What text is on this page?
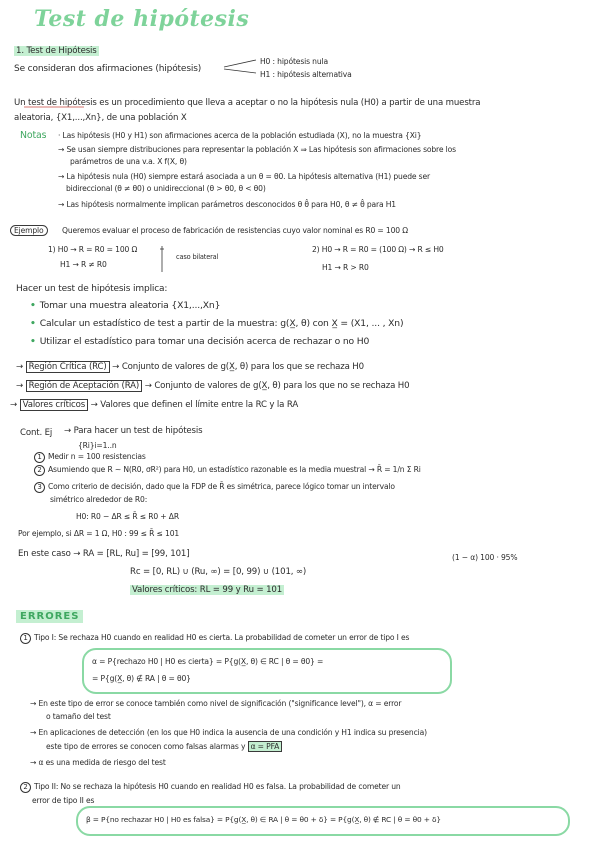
Test de hipótesis
1. Test de Hipótesis
Se consideran dos afirmaciones (hipótesis)
H0 : hipótesis nula
H1 : hipótesis alternativa
Un test de hipótesis es un procedimiento que lleva a aceptar o no la hipótesis nula (H0) a partir de una muestra
aleatoria, {X1,...,Xn}, de una población X
Notas · Las hipótesis (H0 y H1) son afirmaciones acerca de la población estudiada (X), no la muestra {Xi}
→ Se usan siempre distribuciones para representar la población X ⇒ Las hipótesis son afirmaciones sobre los
parámetros de una v.a. X f(X, θ)
→ La hipótesis nula (H0) siempre estará asociada a un θ = θ0. La hipótesis alternativa (H1) puede ser
bidireccional (θ ≠ θ0) o unidireccional (θ > θ0, θ < θ0)
→ Las hipótesis normalmente implican parámetros desconocidos θ θ̂ para H0, θ ≠ θ̂ para H1
Ejemplo	Queremos evaluar el proceso de fabricación de resistencias cuyo valor nominal es R0 = 100 Ω
1) H0 → R = R0 = 100 Ω
H1 → R ≠ R0
caso bilateral
2) H0 → R = R0 = (100 Ω) → R ≤ H0
H1 → R > R0
Hacer un test de hipótesis implica:
• Tomar una muestra aleatoria {X1,...,Xn}
• Calcular un estadístico de test a partir de la muestra: g(X̲, θ) con X̲ = (X1, ... , Xn)
• Utilizar el estadístico para tomar una decisión acerca de rechazar o no H0
→ Región Crítica (RC) → Conjunto de valores de g(X̲, θ) para los que se rechaza H0
→ Región de Aceptación (RA) → Conjunto de valores de g(X̲, θ) para los que no se rechaza H0
→ Valores críticos → Valores que definen el límite entre la RC y la RA
Cont. Ej → Para hacer un test de hipótesis
{Ri}i=1..n
1 Medir n = 100 resistencias
2 Asumiendo que R ~ N(R0, σR²) para H0, un estadístico razonable es la media muestral → R̄ = 1/n Σ Ri
3 Como criterio de decisión, dado que la FDP de R̄ es simétrica, parece lógico tomar un intervalo
simétrico alrededor de R0:
H0: R0 − ΔR ≤ R̄ ≤ R0 + ΔR
Por ejemplo, si ΔR = 1 Ω, H0 : 99 ≤ R̄ ≤ 101
En este caso → RA = [RL, Ru] = [99, 101]	(1 − α) 100 · 95%
Rc = [0, RL) ∪ (Ru, ∞) = [0, 99) ∪ (101, ∞)
Valores críticos: RL = 99 y Ru = 101
ERRORES
1 Tipo I: Se rechaza H0 cuando en realidad H0 es cierta. La probabilidad de cometer un error de tipo I es
α = P{rechazo H0 | H0 es cierta} = P{g(X̲, θ) ∈ RC | θ = θ0} =
= P{g(X̲, θ) ∉ RA | θ = θ0}
→ En este tipo de error se conoce también como nivel de significación ("significance level"), α = error
o tamaño del test
→ En aplicaciones de detección (en los que H0 indica la ausencia de una condición y H1 indica su presencia)
este tipo de errores se conocen como falsas alarmas y α = PFA
→ α es una medida de riesgo del test
2 Tipo II: No se rechaza la hipótesis H0 cuando en realidad H0 es falsa. La probabilidad de cometer un
error de tipo II es
β = P{no rechazar H0 | H0 es falsa} = P{g(X̲, θ) ∈ RA | θ = θ0 + δ} = P{g(X̲, θ) ∉ RC | θ = θ0 + δ}
